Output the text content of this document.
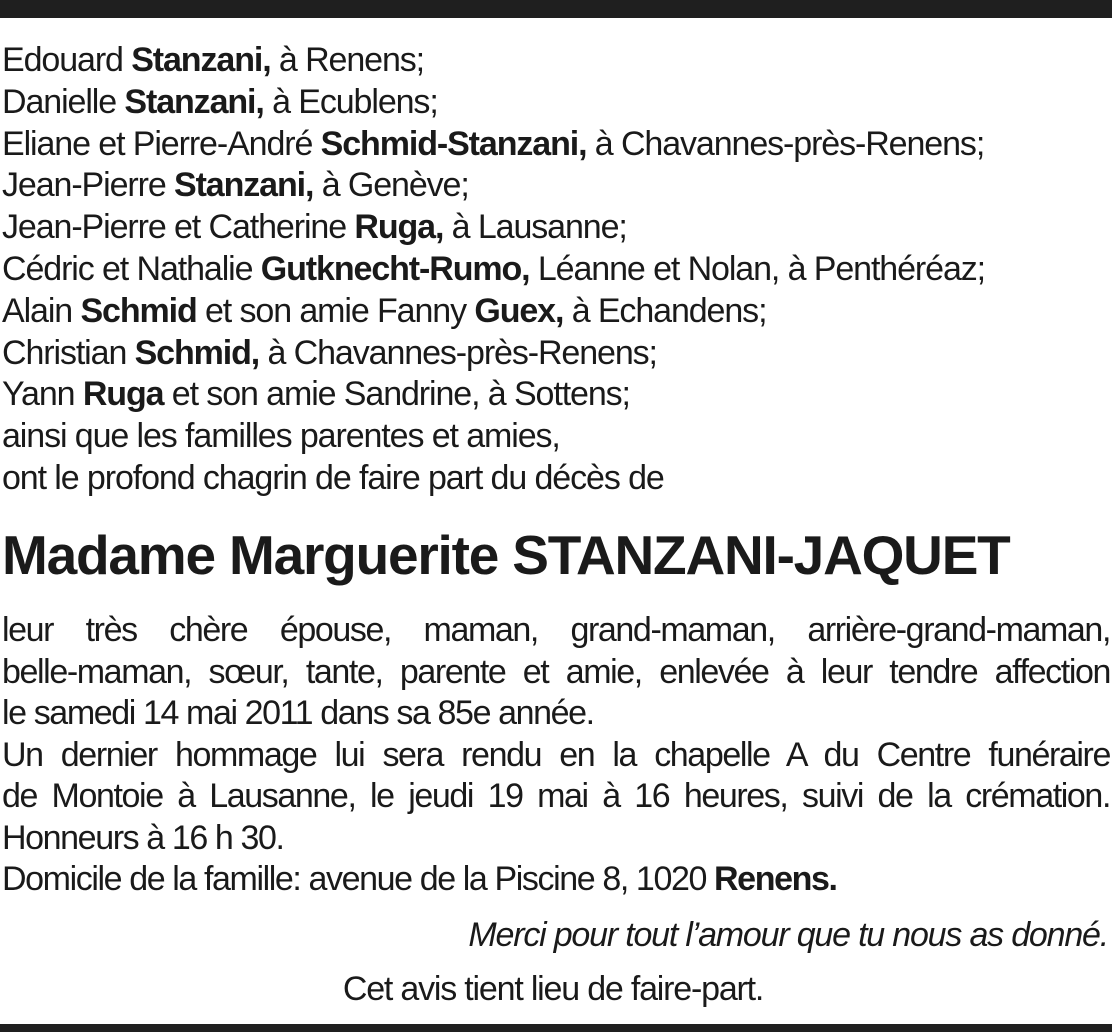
Edouard Stanzani, à Renens;
Danielle Stanzani, à Ecublens;
Eliane et Pierre-André Schmid-Stanzani, à Chavannes-près-Renens;
Jean-Pierre Stanzani, à Genève;
Jean-Pierre et Catherine Ruga, à Lausanne;
Cédric et Nathalie Gutknecht-Rumo, Léanne et Nolan, à Penthéréaz;
Alain Schmid et son amie Fanny Guex, à Echandens;
Christian Schmid, à Chavannes-près-Renens;
Yann Ruga et son amie Sandrine, à Sottens;
ainsi que les familles parentes et amies,
ont le profond chagrin de faire part du décès de
Madame Marguerite STANZANI-JAQUET
leur très chère épouse, maman, grand-maman, arrière-grand-maman,
belle-maman, sœur, tante, parente et amie, enlevée à leur tendre affection
le samedi 14 mai 2011 dans sa 85e année.
Un dernier hommage lui sera rendu en la chapelle A du Centre funéraire
de Montoie à Lausanne, le jeudi 19 mai à 16 heures, suivi de la crémation.
Honneurs à 16 h 30.
Domicile de la famille: avenue de la Piscine 8, 1020 Renens.
Merci pour tout l’amour que tu nous as donné.
Cet avis tient lieu de faire-part.
